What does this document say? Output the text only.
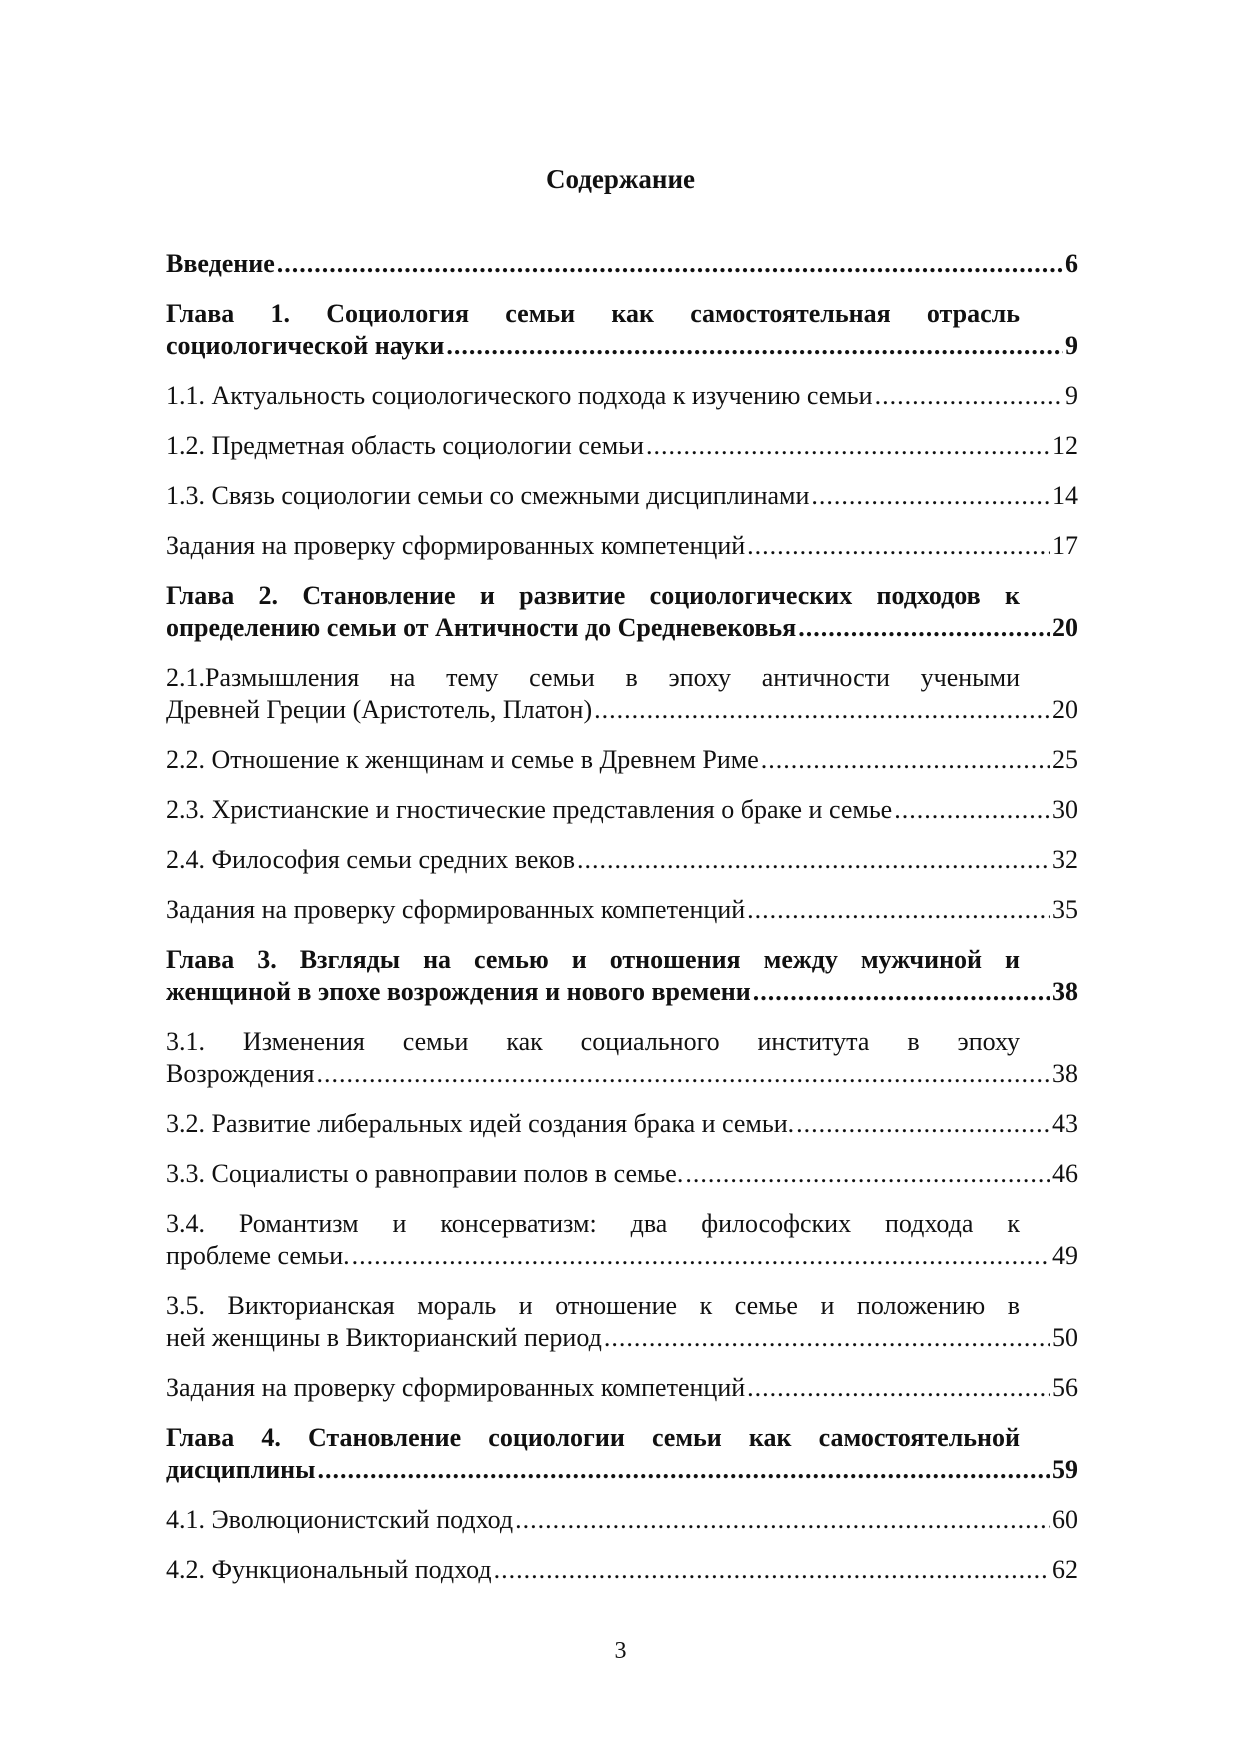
Содержание
Введение .....	6
Глава 1. Социология семьи как самостоятельная отрасль
социологической науки .....	9
1.1. Актуальность социологического подхода к изучению семьи .....	9
1.2. Предметная область социологии семьи .....	12
1.3. Связь социологии семьи со смежными дисциплинами .....	14
Задания на проверку сформированных компетенций .....	17
Глава 2. Становление и развитие социологических подходов к
определению семьи от Античности до Средневековья .....	20
2.1.Размышления на тему семьи в эпоху античности учеными
Древней Греции (Аристотель, Платон) .....	20
2.2. Отношение к женщинам и семье в Древнем Риме .....	25
2.3. Христианские и гностические представления о браке и семье .....	30
2.4. Философия семьи средних веков .....	32
Задания на проверку сформированных компетенций .....	35
Глава 3. Взгляды на семью и отношения между мужчиной и
женщиной в эпохе возрождения и нового времени .....	38
3.1. Изменения семьи как социального института в эпоху
Возрождения .....	38
3.2. Развитие либеральных идей создания брака и семьи. .....	43
3.3. Социалисты о равноправии полов в семье. .....	46
3.4. Романтизм и консерватизм: два философских подхода к
проблеме семьи. .....	49
3.5. Викторианская мораль и отношение к семье и положению в
ней женщины в Викторианский период .....	50
Задания на проверку сформированных компетенций .....	56
Глава 4. Становление социологии семьи как самостоятельной
дисциплины .....	59
4.1. Эволюционистский подход .....	60
4.2. Функциональный подход .....	62
3
